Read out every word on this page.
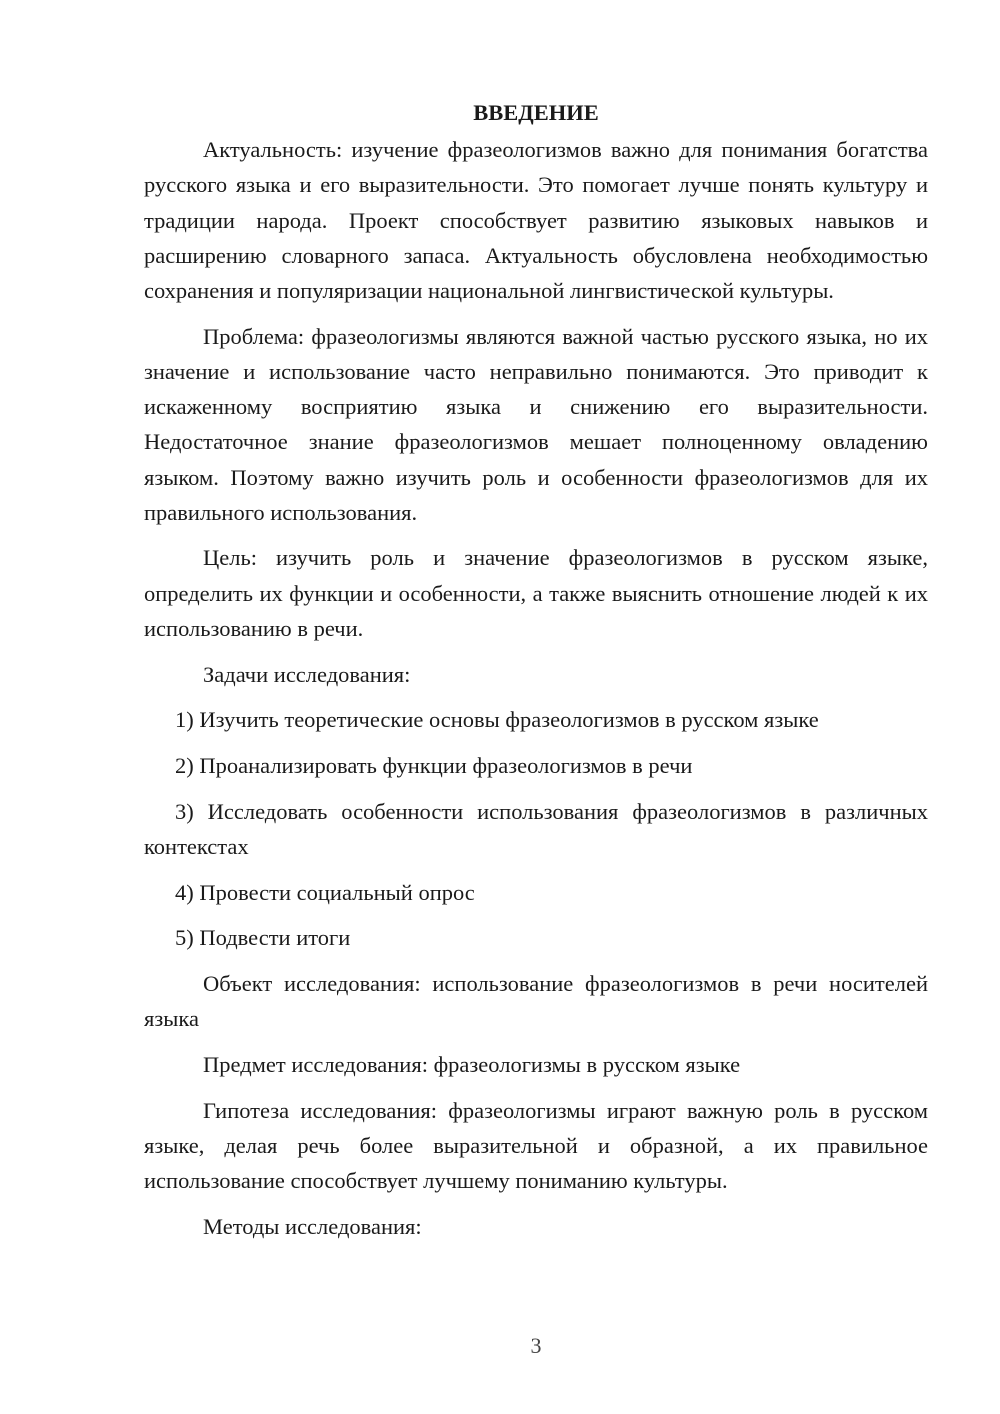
ВВЕДЕНИЕ

Актуальность: изучение фразеологизмов важно для понимания богатства русского языка и его выразительности. Это помогает лучше понять культуру и традиции народа. Проект способствует развитию языковых навыков и расширению словарного запаса. Актуальность обусловлена необходимостью сохранения и популяризации национальной лингвистической культуры.

Проблема: фразеологизмы являются важной частью русского языка, но их значение и использование часто неправильно понимаются. Это приводит к искаженному восприятию языка и снижению его выразительности. Недостаточное знание фразеологизмов мешает полноценному овладению языком. Поэтому важно изучить роль и особенности фразеологизмов для их правильного использования.

Цель: изучить роль и значение фразеологизмов в русском языке, определить их функции и особенности, а также выяснить отношение людей к их использованию в речи.

Задачи исследования:

1) Изучить теоретические основы фразеологизмов в русском языке

2) Проанализировать функции фразеологизмов в речи

3) Исследовать особенности использования фразеологизмов в различных контекстах

4) Провести социальный опрос

5) Подвести итоги

Объект исследования: использование фразеологизмов в речи носителей языка

Предмет исследования: фразеологизмы в русском языке

Гипотеза исследования: фразеологизмы играют важную роль в русском языке, делая речь более выразительной и образной, а их правильное использование способствует лучшему пониманию культуры.

Методы исследования:

3
